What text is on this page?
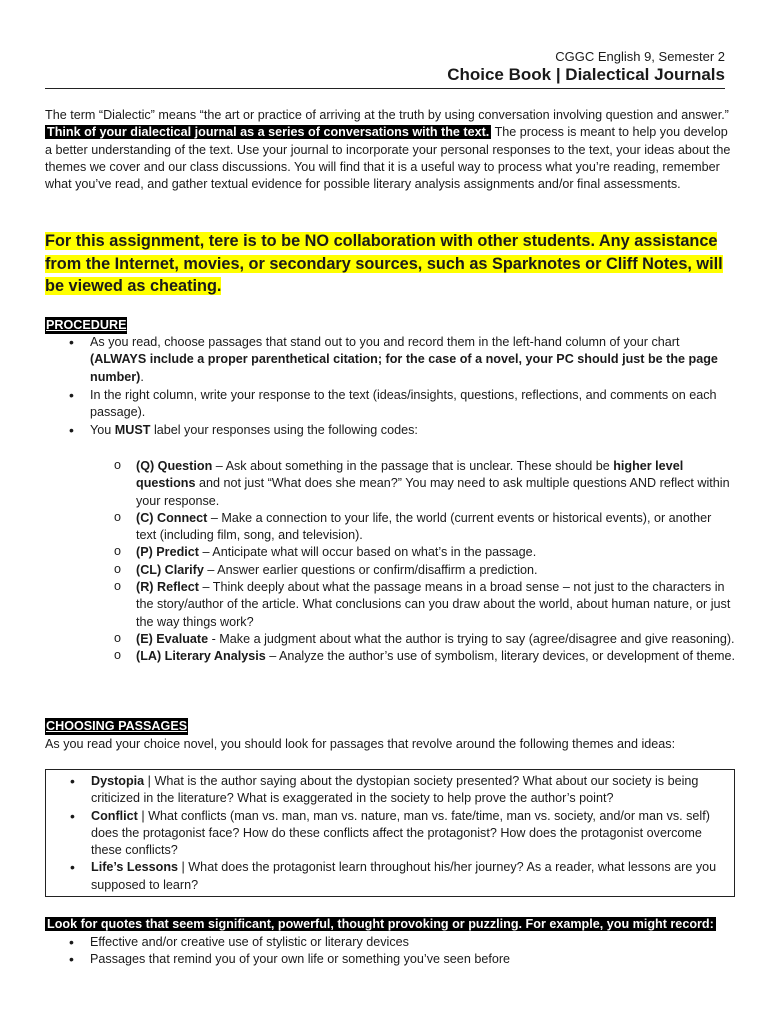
CGGC English 9, Semester 2
Choice Book | Dialectical Journals
The term “Dialectic” means “the art or practice of arriving at the truth by using conversation involving question and answer.” Think of your dialectical journal as a series of conversations with the text. The process is meant to help you develop a better understanding of the text. Use your journal to incorporate your personal responses to the text, your ideas about the themes we cover and our class discussions. You will find that it is a useful way to process what you’re reading, remember what you’ve read, and gather textual evidence for possible literary analysis assignments and/or final assessments.
For this assignment, tere is to be NO collaboration with other students. Any assistance from the Internet, movies, or secondary sources, such as Sparknotes or Cliff Notes, will be viewed as cheating.
PROCEDURE
• As you read, choose passages that stand out to you and record them in the left-hand column of your chart (ALWAYS include a proper parenthetical citation; for the case of a novel, your PC should just be the page number).
• In the right column, write your response to the text (ideas/insights, questions, reflections, and comments on each passage).
• You MUST label your responses using the following codes:
o (Q) Question – Ask about something in the passage that is unclear. These should be higher level questions and not just “What does she mean?” You may need to ask multiple questions AND reflect within your response.
o (C) Connect – Make a connection to your life, the world (current events or historical events), or another text (including film, song, and television).
o (P) Predict – Anticipate what will occur based on what’s in the passage.
o (CL) Clarify – Answer earlier questions or confirm/disaffirm a prediction.
o (R) Reflect – Think deeply about what the passage means in a broad sense – not just to the characters in the story/author of the article. What conclusions can you draw about the world, about human nature, or just the way things work?
o (E) Evaluate - Make a judgment about what the author is trying to say (agree/disagree and give reasoning).
o (LA) Literary Analysis – Analyze the author’s use of symbolism, literary devices, or development of theme.
CHOOSING PASSAGES
As you read your choice novel, you should look for passages that revolve around the following themes and ideas:
• Dystopia | What is the author saying about the dystopian society presented? What about our society is being criticized in the literature? What is exaggerated in the society to help prove the author’s point?
• Conflict | What conflicts (man vs. man, man vs. nature, man vs. fate/time, man vs. society, and/or man vs. self) does the protagonist face? How do these conflicts affect the protagonist? How does the protagonist overcome these conflicts?
• Life’s Lessons | What does the protagonist learn throughout his/her journey? As a reader, what lessons are you supposed to learn?
Look for quotes that seem significant, powerful, thought provoking or puzzling. For example, you might record:
• Effective and/or creative use of stylistic or literary devices
• Passages that remind you of your own life or something you’ve seen before
